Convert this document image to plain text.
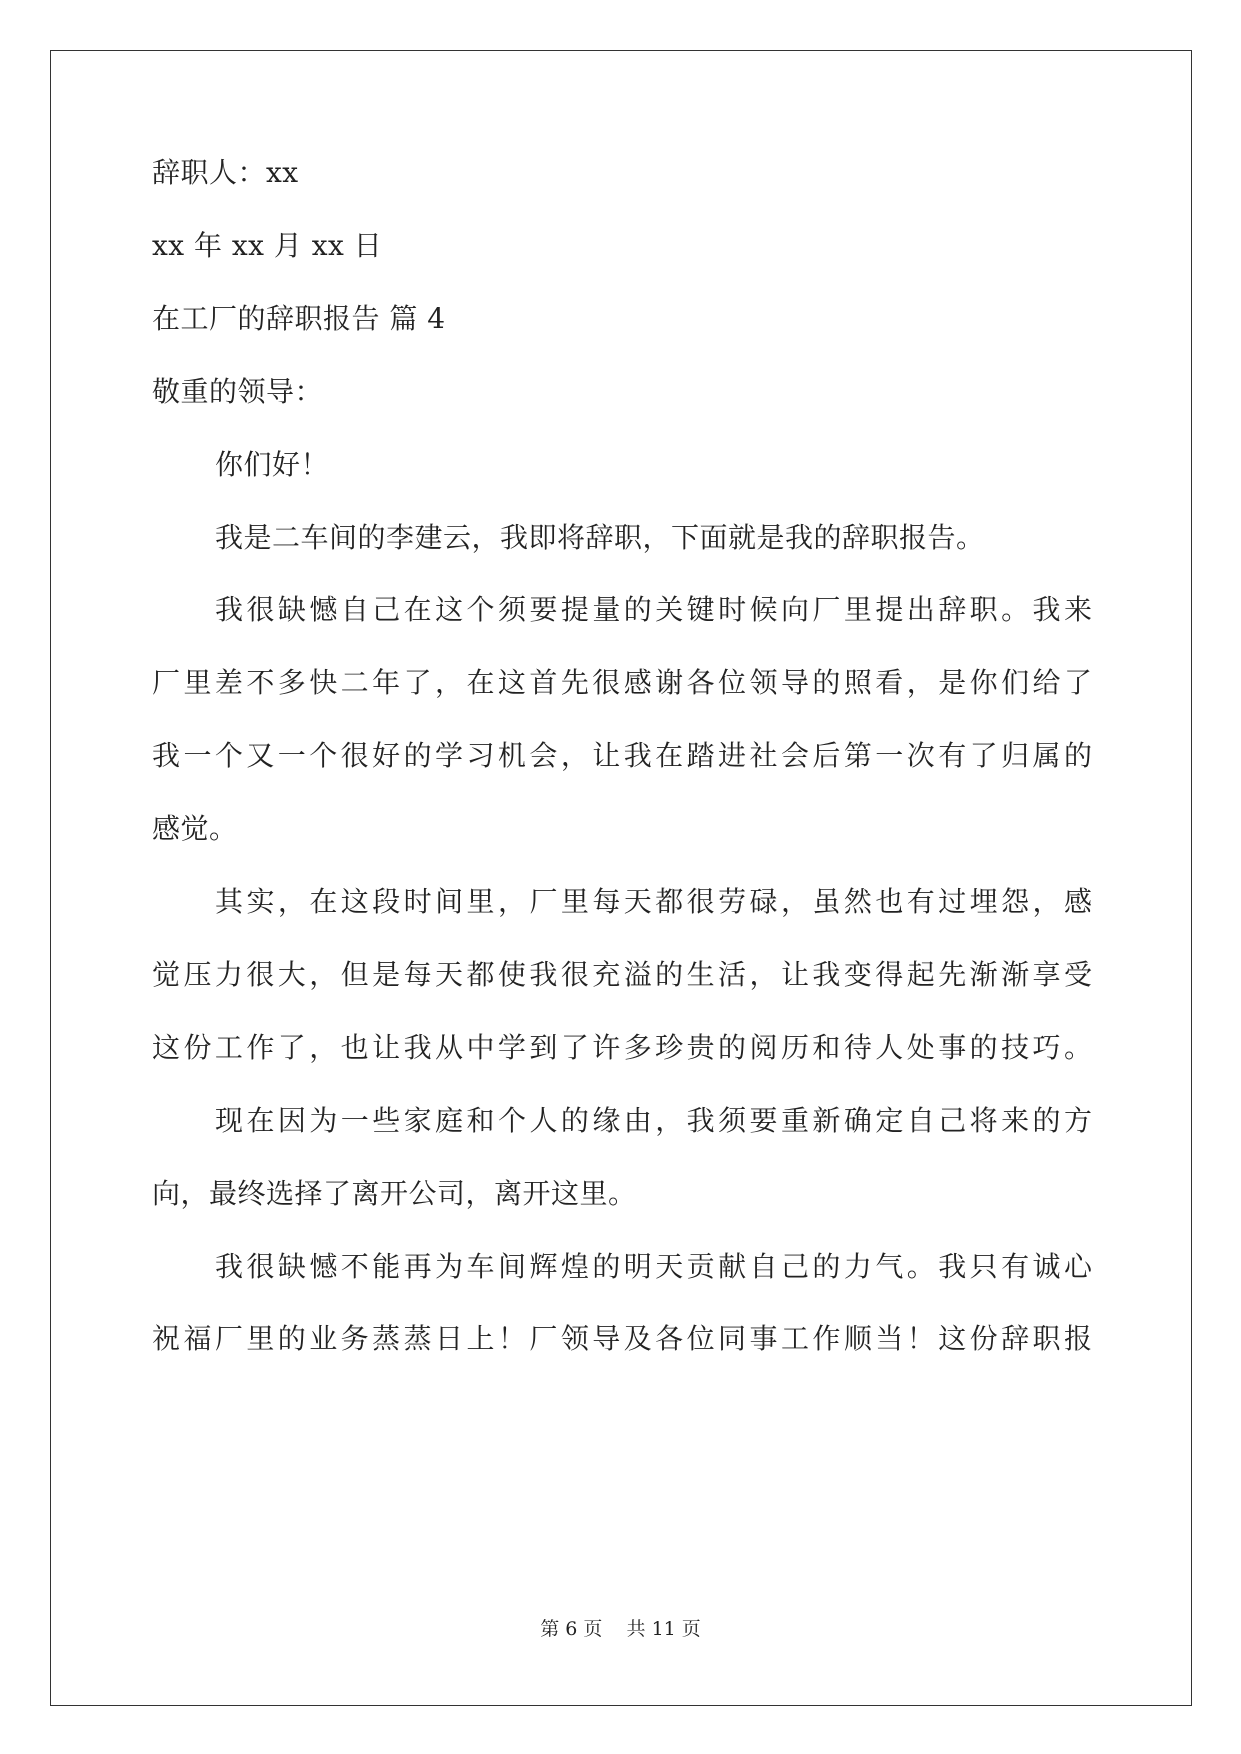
辞职人：xx
xx 年 xx 月 xx 日
在工厂的辞职报告 篇 4
敬重的领导：
你们好！
我是二车间的李建云，我即将辞职，下面就是我的辞职报告。
我很缺憾自己在这个须要提量的关键时候向厂里提出辞职。我来
厂里差不多快二年了，在这首先很感谢各位领导的照看，是你们给了
我一个又一个很好的学习机会，让我在踏进社会后第一次有了归属的
感觉。
其实，在这段时间里，厂里每天都很劳碌，虽然也有过埋怨，感
觉压力很大，但是每天都使我很充溢的生活，让我变得起先渐渐享受
这份工作了，也让我从中学到了许多珍贵的阅历和待人处事的技巧。
现在因为一些家庭和个人的缘由，我须要重新确定自己将来的方
向，最终选择了离开公司，离开这里。
我很缺憾不能再为车间辉煌的明天贡献自己的力气。我只有诚心
祝福厂里的业务蒸蒸日上！厂领导及各位同事工作顺当！这份辞职报
第 6 页    共 11 页
